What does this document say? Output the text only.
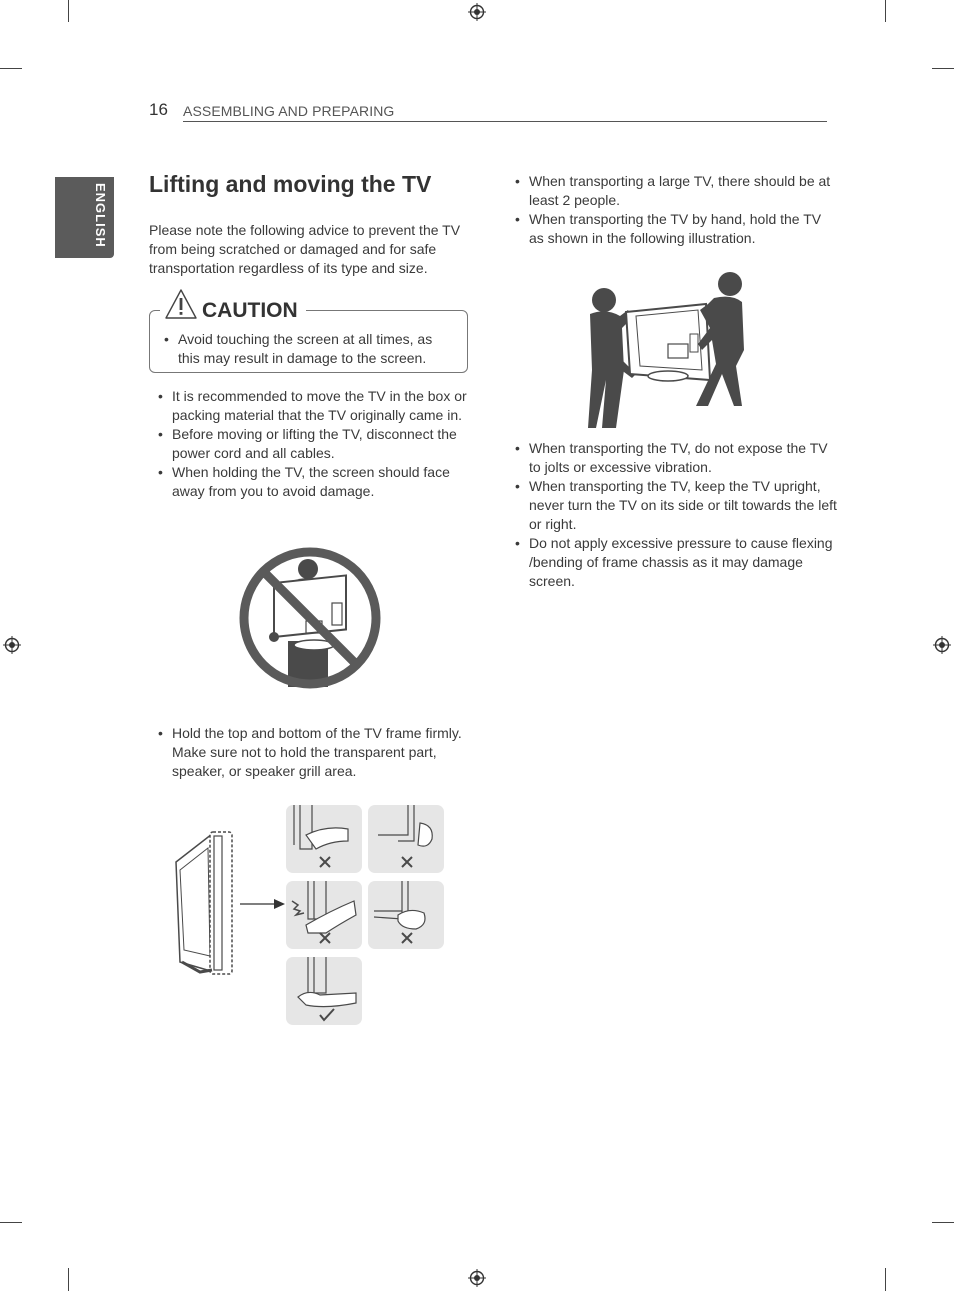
16 ASSEMBLING AND PREPARING
ENGLISH Lifting and moving the TV
Please note the following advice to prevent the TV from being scratched or damaged and for safe transportation regardless of its type and size.
CAUTION
• Avoid touching the screen at all times, as this may result in damage to the screen.
• It is recommended to move the TV in the box or packing material that the TV originally came in.
• Before moving or lifting the TV, disconnect the power cord and all cables.
• When holding the TV, the screen should face away from you to avoid damage.
• Hold the top and bottom of the TV frame firmly. Make sure not to hold the transparent part, speaker, or speaker grill area.
• When transporting a large TV, there should be at least 2 people.
• When transporting the TV by hand, hold the TV as shown in the following illustration.
• When transporting the TV, do not expose the TV to jolts or excessive vibration.
• When transporting the TV, keep the TV upright, never turn the TV on its side or tilt towards the left or right.
• Do not apply excessive pressure to cause flexing /bending of frame chassis as it may damage screen.
